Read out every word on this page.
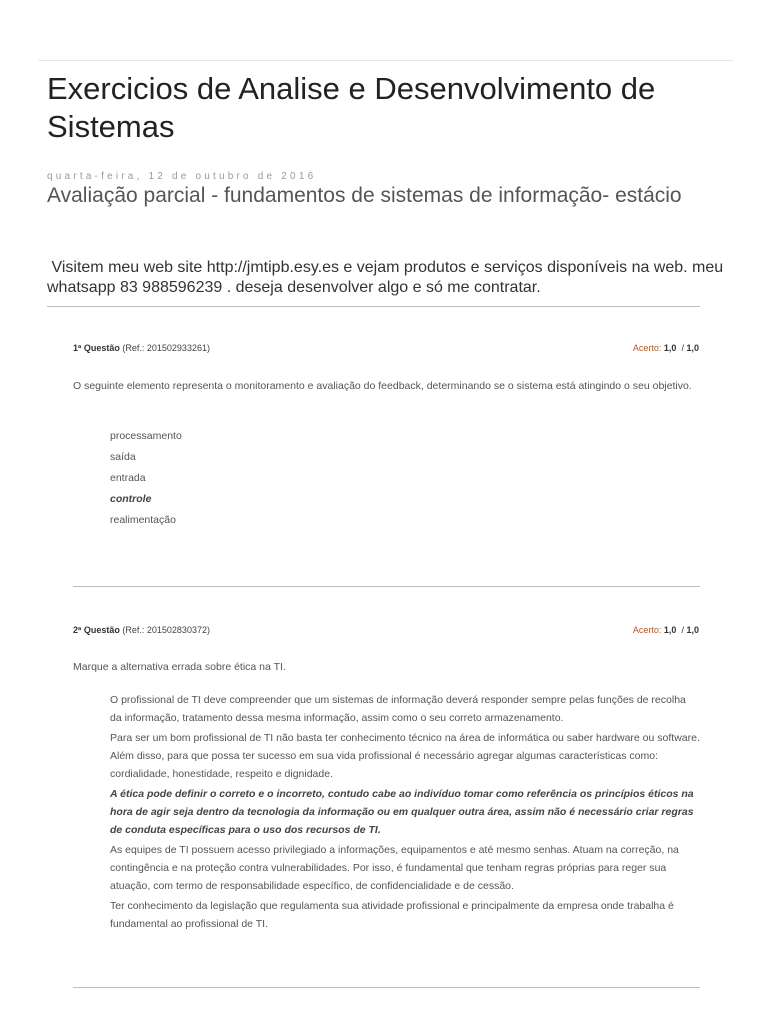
Exercicios de Analise e Desenvolvimento de Sistemas
quarta-feira, 12 de outubro de 2016
Avaliação parcial - fundamentos de sistemas de informação- estácio
Visitem meu web site http://jmtipb.esy.es e vejam produtos e serviços disponíveis na web. meu whatsapp 83 988596239 . deseja desenvolver algo e só me contratar.
1ª Questão (Ref.: 201502933261)	Acerto: 1,0 / 1,0
O seguinte elemento representa o monitoramento e avaliação do feedback, determinando se o sistema está atingindo o seu objetivo.
processamento
saída
entrada
controle
realimentação
2ª Questão (Ref.: 201502830372)	Acerto: 1,0 / 1,0
Marque a alternativa errada sobre ética na TI.
O profissional de TI deve compreender que um sistemas de informação deverá responder sempre pelas funções de recolha da informação, tratamento dessa mesma informação, assim como o seu correto armazenamento.
Para ser um bom profissional de TI não basta ter conhecimento técnico na área de informática ou saber hardware ou software. Além disso, para que possa ter sucesso em sua vida profissional é necessário agregar algumas características como: cordialidade, honestidade, respeito e dignidade.
A ética pode definir o correto e o incorreto, contudo cabe ao indivíduo tomar como referência os princípios éticos na hora de agir seja dentro da tecnologia da informação ou em qualquer outra área, assim não é necessário criar regras de conduta específicas para o uso dos recursos de TI.
As equipes de TI possuem acesso privilegiado a informações, equipamentos e até mesmo senhas. Atuam na correção, na contingência e na proteção contra vulnerabilidades. Por isso, é fundamental que tenham regras próprias para reger sua atuação, com termo de responsabilidade específico, de confidencialidade e de cessão.
Ter conhecimento da legislação que regulamenta sua atividade profissional e principalmente da empresa onde trabalha é fundamental ao profissional de TI.
